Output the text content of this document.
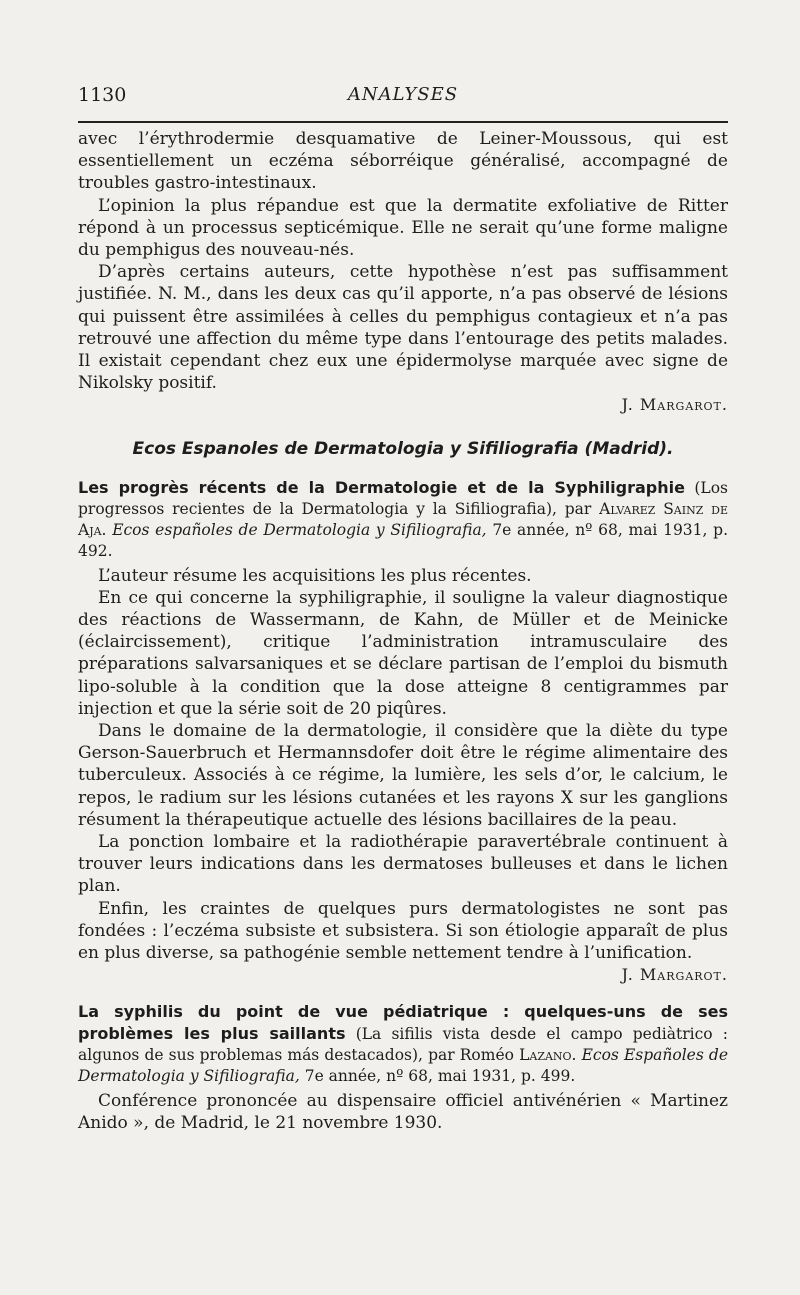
1130	ANALYSES

avec l’érythrodermie desquamative de Leiner-Moussous, qui est essentiellement un eczéma séborréique généralisé, accompagné de troubles gastro-intestinaux.

L’opinion la plus répandue est que la dermatite exfoliative de Ritter répond à un processus septicémique. Elle ne serait qu’une forme maligne du pemphigus des nouveau-nés.

D’après certains auteurs, cette hypothèse n’est pas suffisamment justifiée. N. M., dans les deux cas qu’il apporte, n’a pas observé de lésions qui puissent être assimilées à celles du pemphigus contagieux et n’a pas retrouvé une affection du même type dans l’entourage des petits malades. Il existait cependant chez eux une épidermolyse marquée avec signe de Nikolsky positif.

J. Margarot.

Ecos Espanoles de Dermatologia y Sifiliografia (Madrid).

Les progrès récents de la Dermatologie et de la Syphiligraphie (Los progressos recientes de la Dermatologia y la Sifiliografia), par Alvarez Sainz de Aja. Ecos españoles de Dermatologia y Sifiliografia, 7e année, nº 68, mai 1931, p. 492.

L’auteur résume les acquisitions les plus récentes.

En ce qui concerne la syphiligraphie, il souligne la valeur diagnostique des réactions de Wassermann, de Kahn, de Müller et de Meinicke (éclaircissement), critique l’administration intramusculaire des préparations salvarsaniques et se déclare partisan de l’emploi du bismuth lipo-soluble à la condition que la dose atteigne 8 centigrammes par injection et que la série soit de 20 piqûres.

Dans le domaine de la dermatologie, il considère que la diète du type Gerson-Sauerbruch et Hermannsdofer doit être le régime alimentaire des tuberculeux. Associés à ce régime, la lumière, les sels d’or, le calcium, le repos, le radium sur les lésions cutanées et les rayons X sur les ganglions résument la thérapeutique actuelle des lésions bacillaires de la peau.

La ponction lombaire et la radiothérapie paravertébrale continuent à trouver leurs indications dans les dermatoses bulleuses et dans le lichen plan.

Enfin, les craintes de quelques purs dermatologistes ne sont pas fondées : l’eczéma subsiste et subsistera. Si son étiologie apparaît de plus en plus diverse, sa pathogénie semble nettement tendre à l’unification.

J. Margarot.

La syphilis du point de vue pédiatrique : quelques-uns de ses problèmes les plus saillants (La sifilis vista desde el campo pediàtrico : algunos de sus problemas más destacados), par Roméo Lazano. Ecos Españoles de Dermatologia y Sifiliografia, 7e année, nº 68, mai 1931, p. 499.

Conférence prononcée au dispensaire officiel antivénérien « Martinez Anido », de Madrid, le 21 novembre 1930.
